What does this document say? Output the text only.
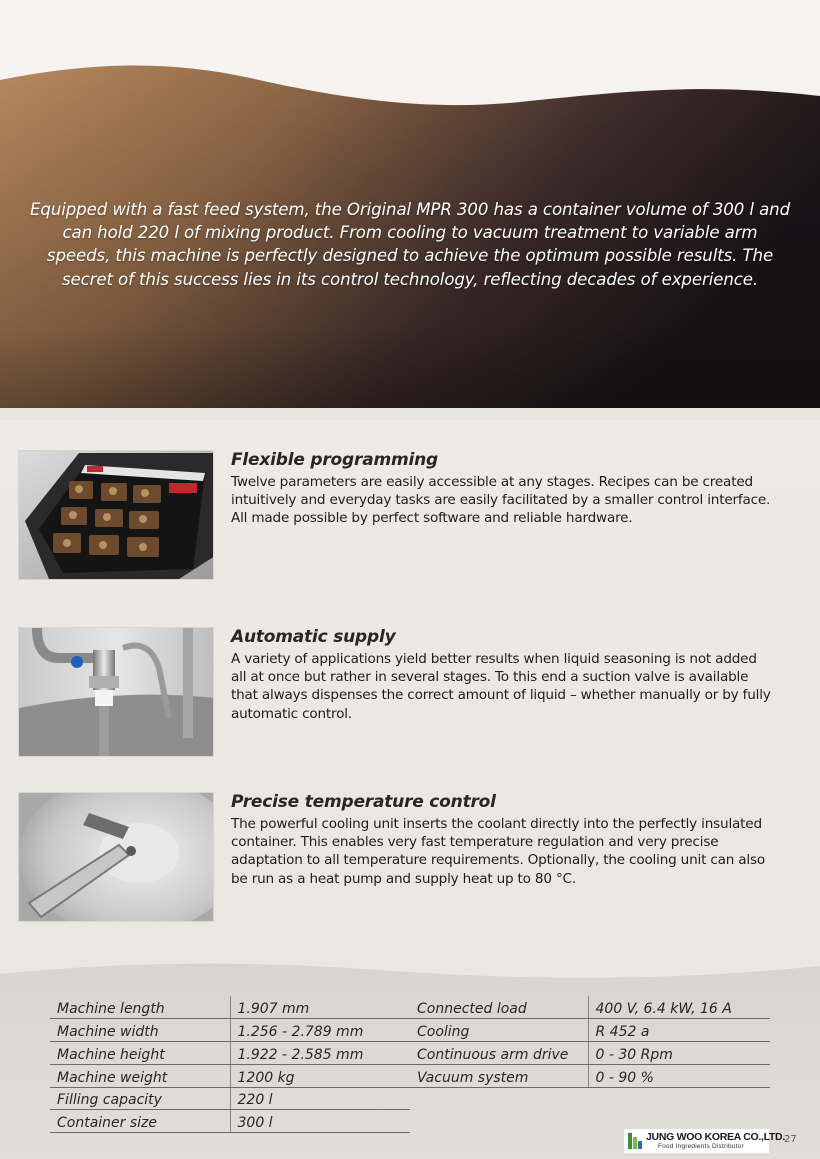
Equipped with a fast feed system, the Original MPR 300 has a container volume of 300 l and can hold 220 l of mixing product. From cooling to vacuum treatment to variable arm speeds, this machine is perfectly designed to achieve the optimum possible results. The secret of this success lies in its control technology, reflecting decades of experience.
Flexible programming

Twelve parameters are easily accessible at any stages. Recipes can be created intuitively and everyday tasks are easily facilitated by a smaller control interface. All made possible by perfect software and reliable hardware.

Automatic supply

A variety of applications yield better results when liquid seasoning is not added all at once but rather in several stages. To this end a suction valve is available that always dispenses the correct amount of liquid – whether manually or by fully automatic control.

Precise temperature control

The powerful cooling unit inserts the coolant directly into the perfectly insulated container. This enables very fast temperature regulation and very precise adaptation to all temperature requirements. Optionally, the cooling unit can also be run as a heat pump and supply heat up to 80 °C.

Machine length	1.907 mm
Machine width	1.256 - 2.789 mm
Machine height	1.922 - 2.585 mm
Machine weight	1200 kg
Filling capacity	220 l
Container size	300 l
Connected load	400 V, 6.4 kW, 16 A
Cooling	R 452 a
Continuous arm drive	0 - 30 Rpm
Vacuum system	0 - 90 %
JUNG WOO KOREA CO.,LTD.
Food Ingredients Distributor
27
